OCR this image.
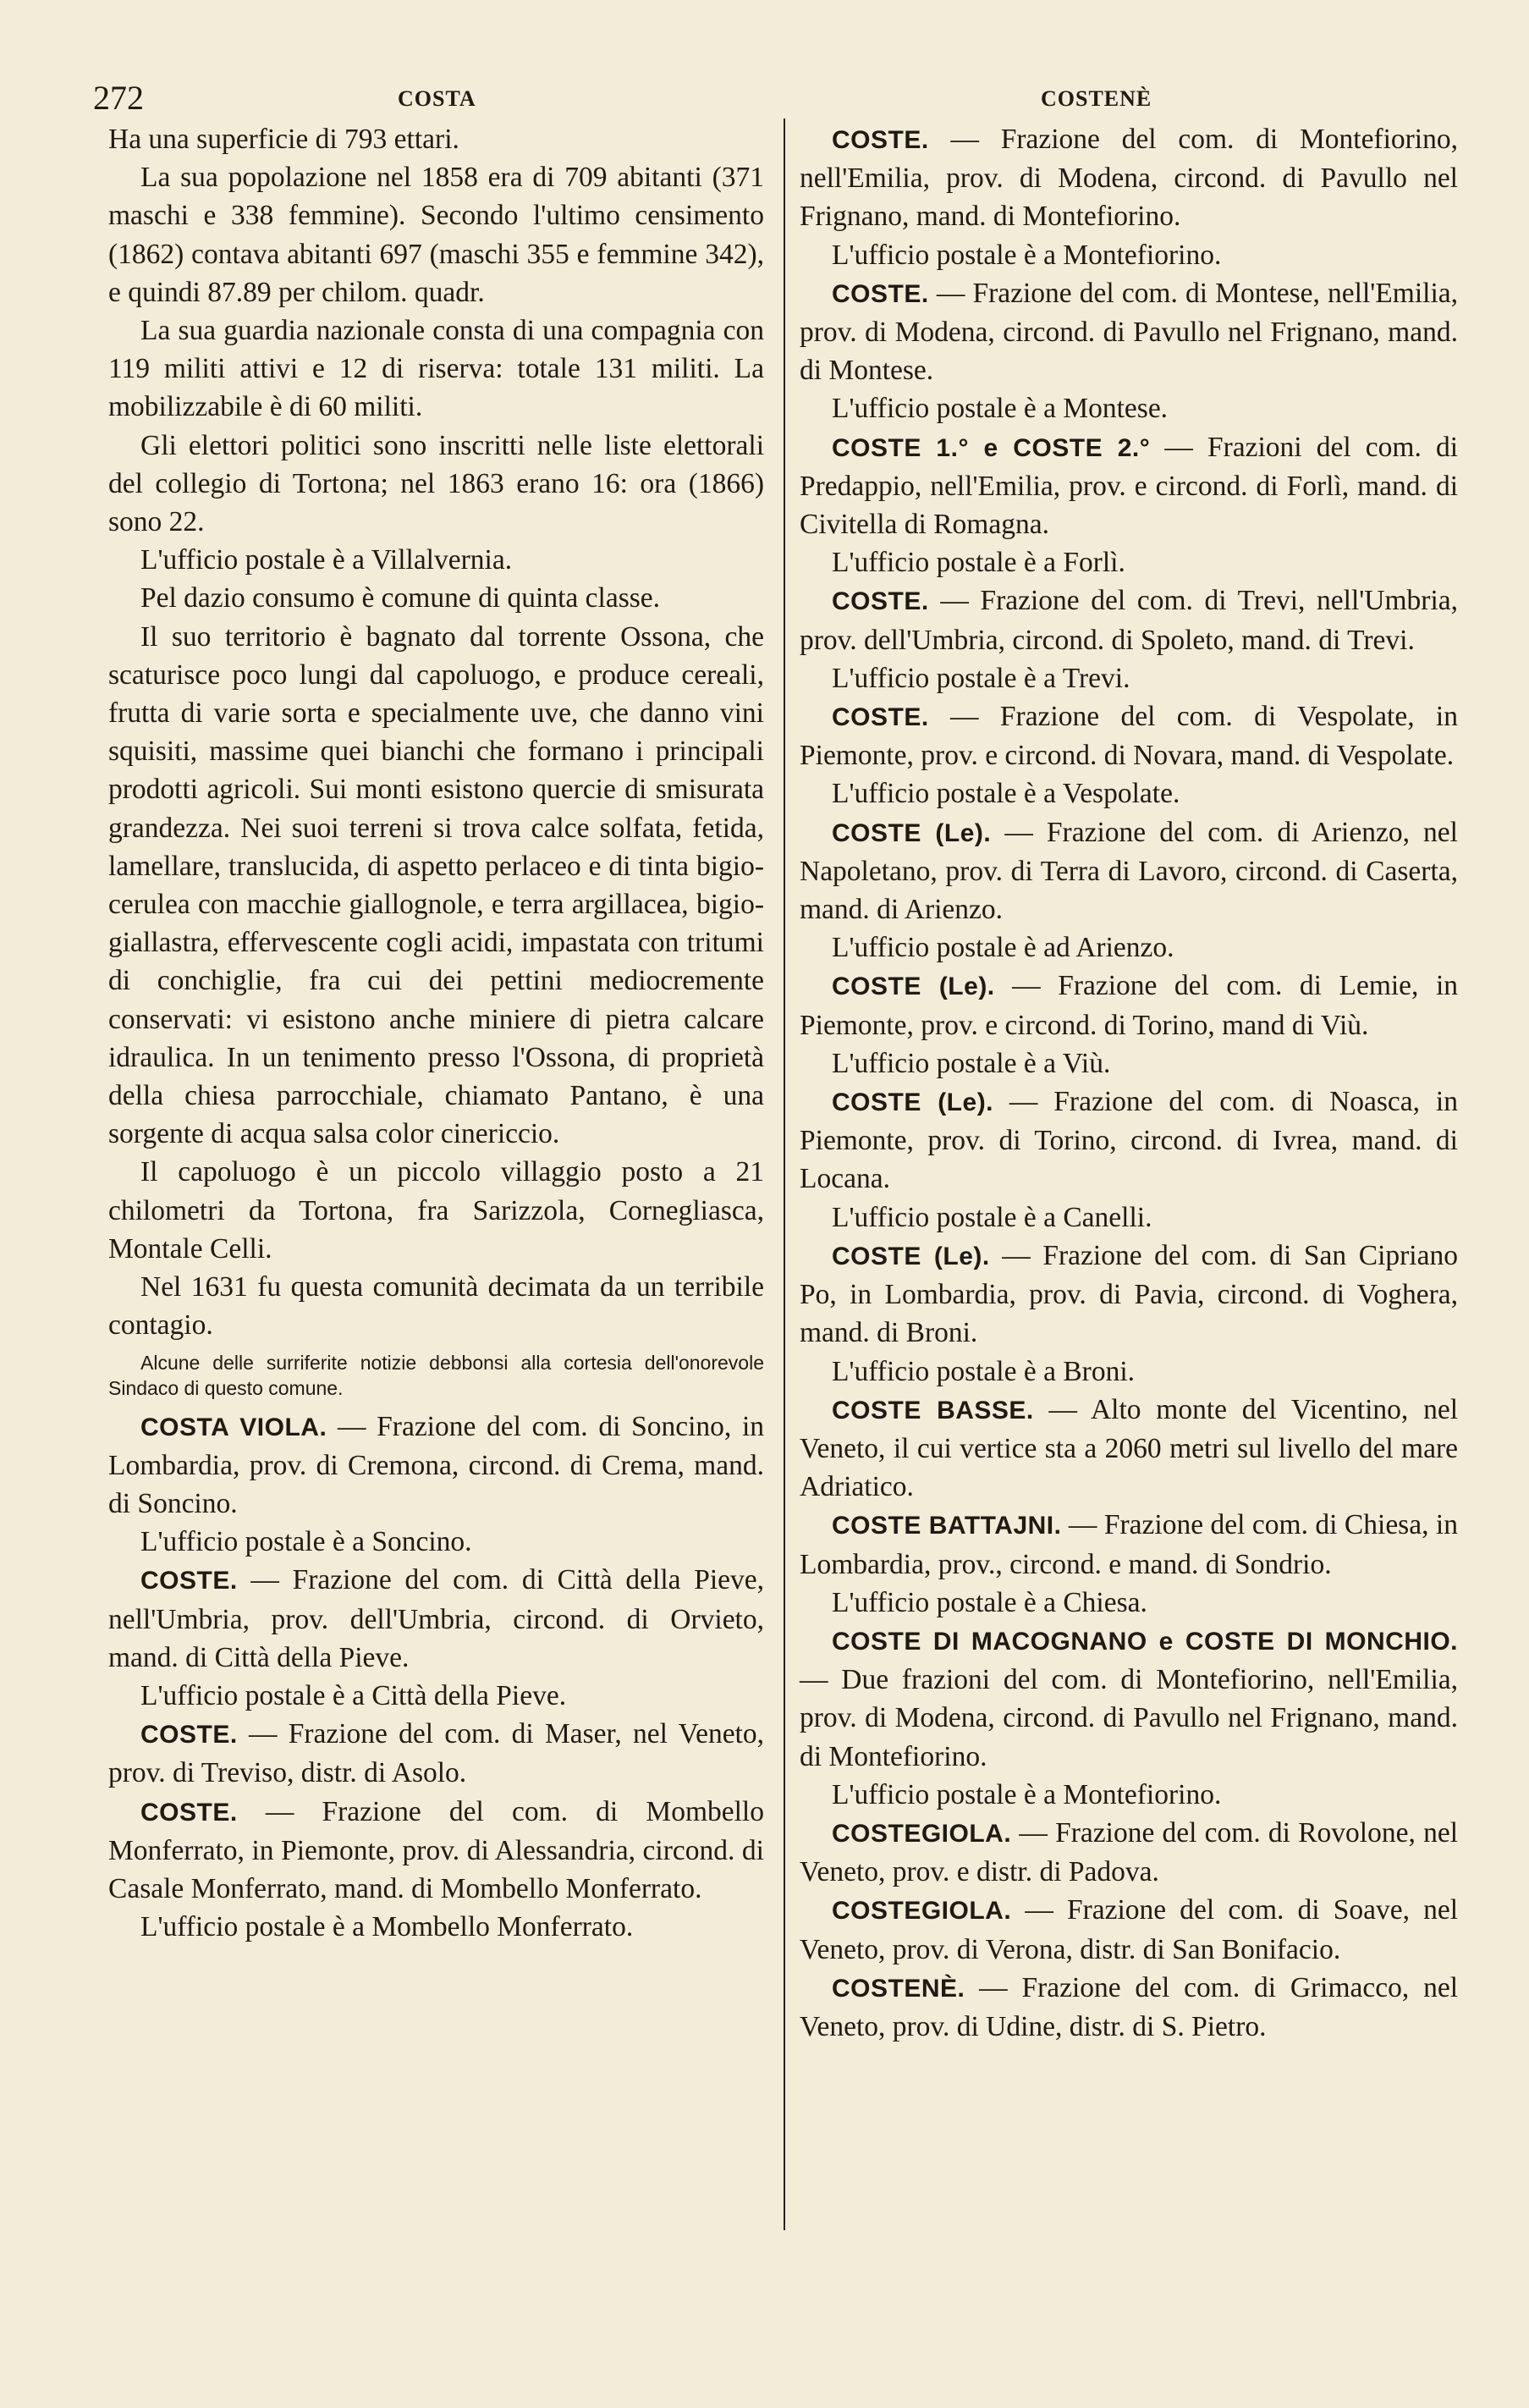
272	COSTA	COSTENÈ

Ha una superficie di 793 ettari.

La sua popolazione nel 1858 era di 709 abitanti (371 maschi e 338 femmine). Secondo l'ultimo censimento (1862) contava abitanti 697 (maschi 355 e femmine 342), e quindi 87.89 per chilom. quadr.

La sua guardia nazionale consta di una compagnia con 119 militi attivi e 12 di riserva: totale 131 militi. La mobilizzabile è di 60 militi.

Gli elettori politici sono inscritti nelle liste elettorali del collegio di Tortona; nel 1863 erano 16: ora (1866) sono 22.

L'ufficio postale è a Villalvernia.

Pel dazio consumo è comune di quinta classe.

Il suo territorio è bagnato dal torrente Ossona, che scaturisce poco lungi dal capoluogo, e produce cereali, frutta di varie sorta e specialmente uve, che danno vini squisiti, massime quei bianchi che formano i principali prodotti agricoli. Sui monti esistono quercie di smisurata grandezza. Nei suoi terreni si trova calce solfata, fetida, lamellare, translucida, di aspetto perlaceo e di tinta bigio-cerulea con macchie giallognole, e terra argillacea, bigio-giallastra, effervescente cogli acidi, impastata con tritumi di conchiglie, fra cui dei pettini mediocremente conservati: vi esistono anche miniere di pietra calcare idraulica. In un tenimento presso l'Ossona, di proprietà della chiesa parrocchiale, chiamato Pantano, è una sorgente di acqua salsa color cinericcio.

Il capoluogo è un piccolo villaggio posto a 21 chilometri da Tortona, fra Sarizzola, Cornegliasca, Montale Celli.

Nel 1631 fu questa comunità decimata da un terribile contagio.

Alcune delle surriferite notizie debbonsi alla cortesia dell'onorevole Sindaco di questo comune.

COSTA VIOLA. — Frazione del com. di Soncino, in Lombardia, prov. di Cremona, circond. di Crema, mand. di Soncino.

L'ufficio postale è a Soncino.

COSTE. — Frazione del com. di Città della Pieve, nell'Umbria, prov. dell'Umbria, circond. di Orvieto, mand. di Città della Pieve.

L'ufficio postale è a Città della Pieve.

COSTE. — Frazione del com. di Maser, nel Veneto, prov. di Treviso, distr. di Asolo.

COSTE. — Frazione del com. di Mombello Monferrato, in Piemonte, prov. di Alessandria, circond. di Casale Monferrato, mand. di Mombello Monferrato.

L'ufficio postale è a Mombello Monferrato.

COSTE. — Frazione del com. di Montefiorino, nell'Emilia, prov. di Modena, circond. di Pavullo nel Frignano, mand. di Montefiorino.

L'ufficio postale è a Montefiorino.

COSTE. — Frazione del com. di Montese, nell'Emilia, prov. di Modena, circond. di Pavullo nel Frignano, mand. di Montese.

L'ufficio postale è a Montese.

COSTE 1.° e COSTE 2.° — Frazioni del com. di Predappio, nell'Emilia, prov. e circond. di Forlì, mand. di Civitella di Romagna.

L'ufficio postale è a Forlì.

COSTE. — Frazione del com. di Trevi, nell'Umbria, prov. dell'Umbria, circond. di Spoleto, mand. di Trevi.

L'ufficio postale è a Trevi.

COSTE. — Frazione del com. di Vespolate, in Piemonte, prov. e circond. di Novara, mand. di Vespolate.

L'ufficio postale è a Vespolate.

COSTE (Le). — Frazione del com. di Arienzo, nel Napoletano, prov. di Terra di Lavoro, circond. di Caserta, mand. di Arienzo.

L'ufficio postale è ad Arienzo.

COSTE (Le). — Frazione del com. di Lemie, in Piemonte, prov. e circond. di Torino, mand di Viù.

L'ufficio postale è a Viù.

COSTE (Le). — Frazione del com. di Noasca, in Piemonte, prov. di Torino, circond. di Ivrea, mand. di Locana.

L'ufficio postale è a Canelli.

COSTE (Le). — Frazione del com. di San Cipriano Po, in Lombardia, prov. di Pavia, circond. di Voghera, mand. di Broni.

L'ufficio postale è a Broni.

COSTE BASSE. — Alto monte del Vicentino, nel Veneto, il cui vertice sta a 2060 metri sul livello del mare Adriatico.

COSTE BATTAJNI. — Frazione del com. di Chiesa, in Lombardia, prov., circond. e mand. di Sondrio.

L'ufficio postale è a Chiesa.

COSTE DI MACOGNANO e COSTE DI MONCHIO. — Due frazioni del com. di Montefiorino, nell'Emilia, prov. di Modena, circond. di Pavullo nel Frignano, mand. di Montefiorino.

L'ufficio postale è a Montefiorino.

COSTEGIOLA. — Frazione del com. di Rovolone, nel Veneto, prov. e distr. di Padova.

COSTEGIOLA. — Frazione del com. di Soave, nel Veneto, prov. di Verona, distr. di San Bonifacio.

COSTENÈ. — Frazione del com. di Grimacco, nel Veneto, prov. di Udine, distr. di S. Pietro.
